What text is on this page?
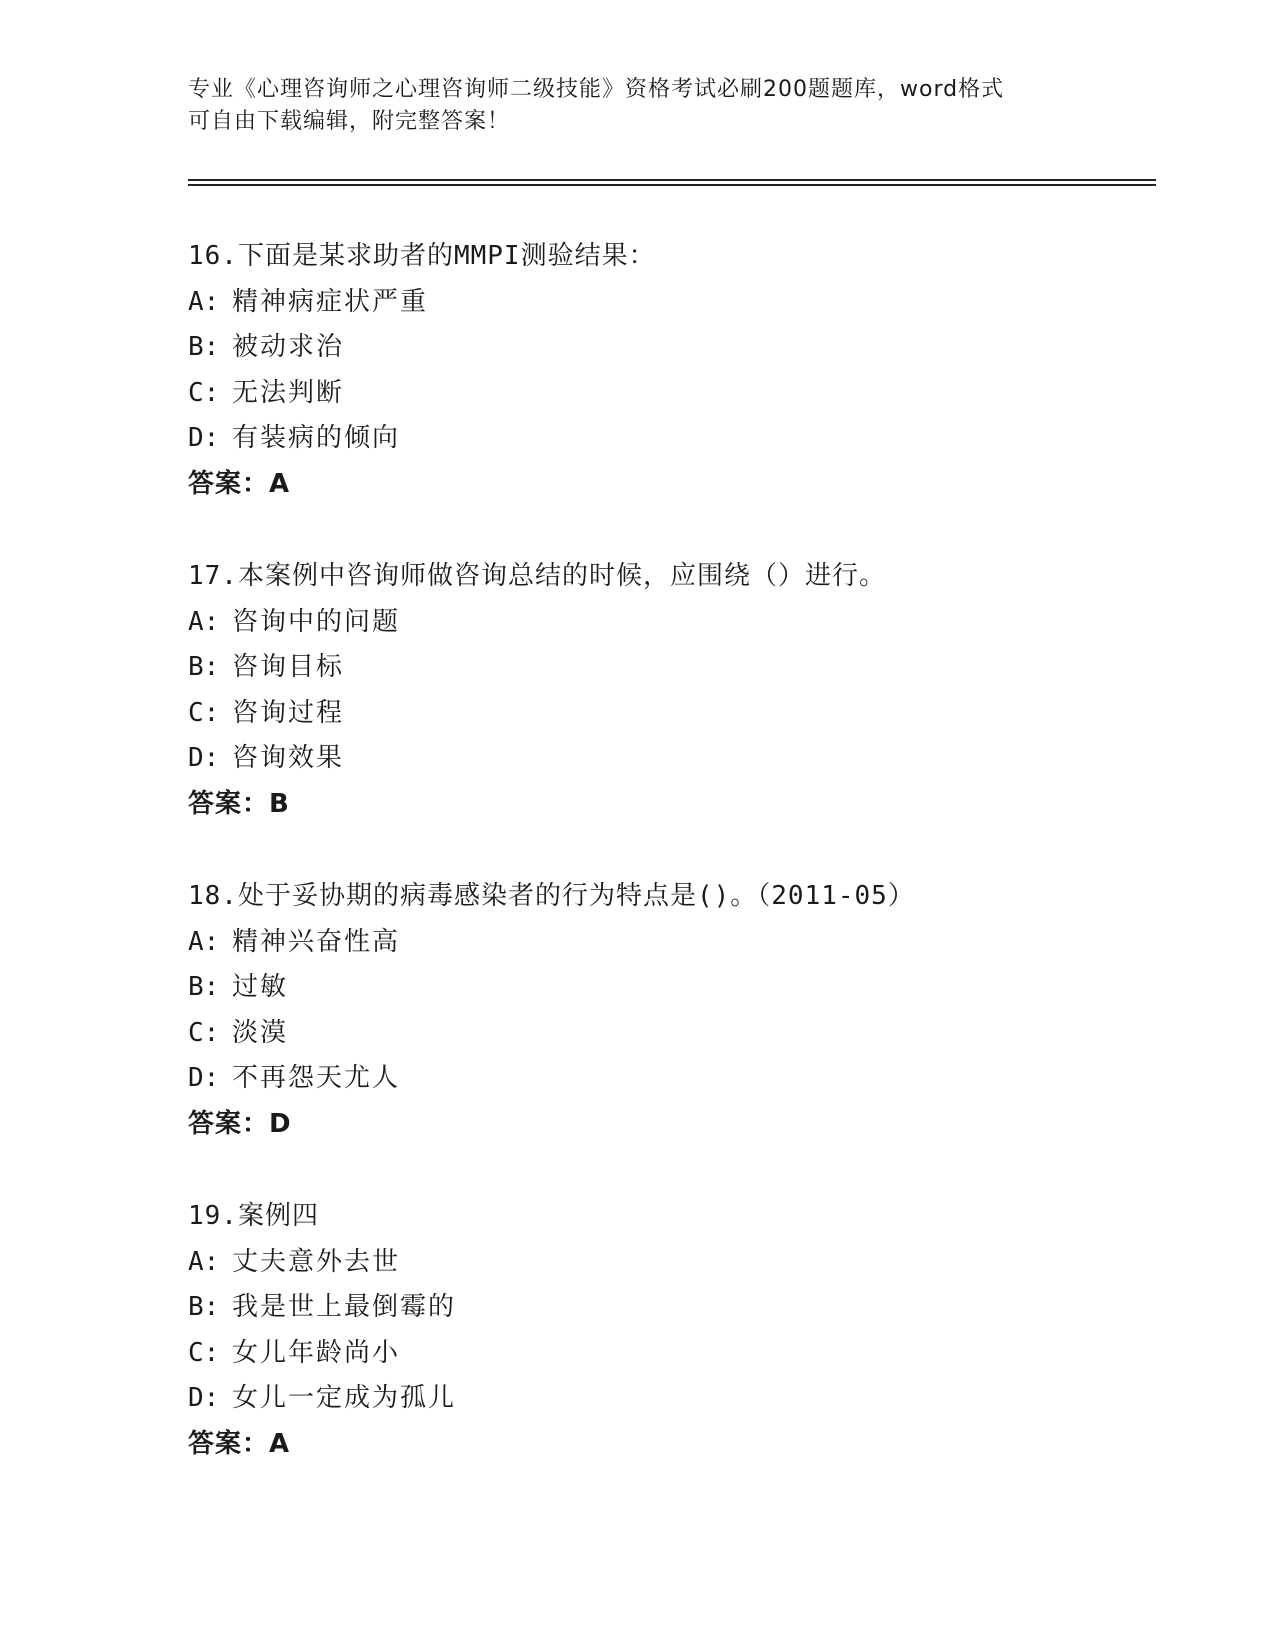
专业《心理咨询师之心理咨询师二级技能》资格考试必刷200题题库，word格式
可自由下载编辑，附完整答案！
16.下面是某求助者的MMPI测验结果：
A: 精神病症状严重
B: 被动求治
C: 无法判断
D: 有装病的倾向
答案：A
17.本案例中咨询师做咨询总结的时候，应围绕（）进行。
A: 咨询中的问题
B: 咨询目标
C: 咨询过程
D: 咨询效果
答案：B
18.处于妥协期的病毒感染者的行为特点是()。（2011-05）
A: 精神兴奋性高
B: 过敏
C: 淡漠
D: 不再怨天尤人
答案：D
19.案例四
A: 丈夫意外去世
B: 我是世上最倒霉的
C: 女儿年龄尚小
D: 女儿一定成为孤儿
答案：A
